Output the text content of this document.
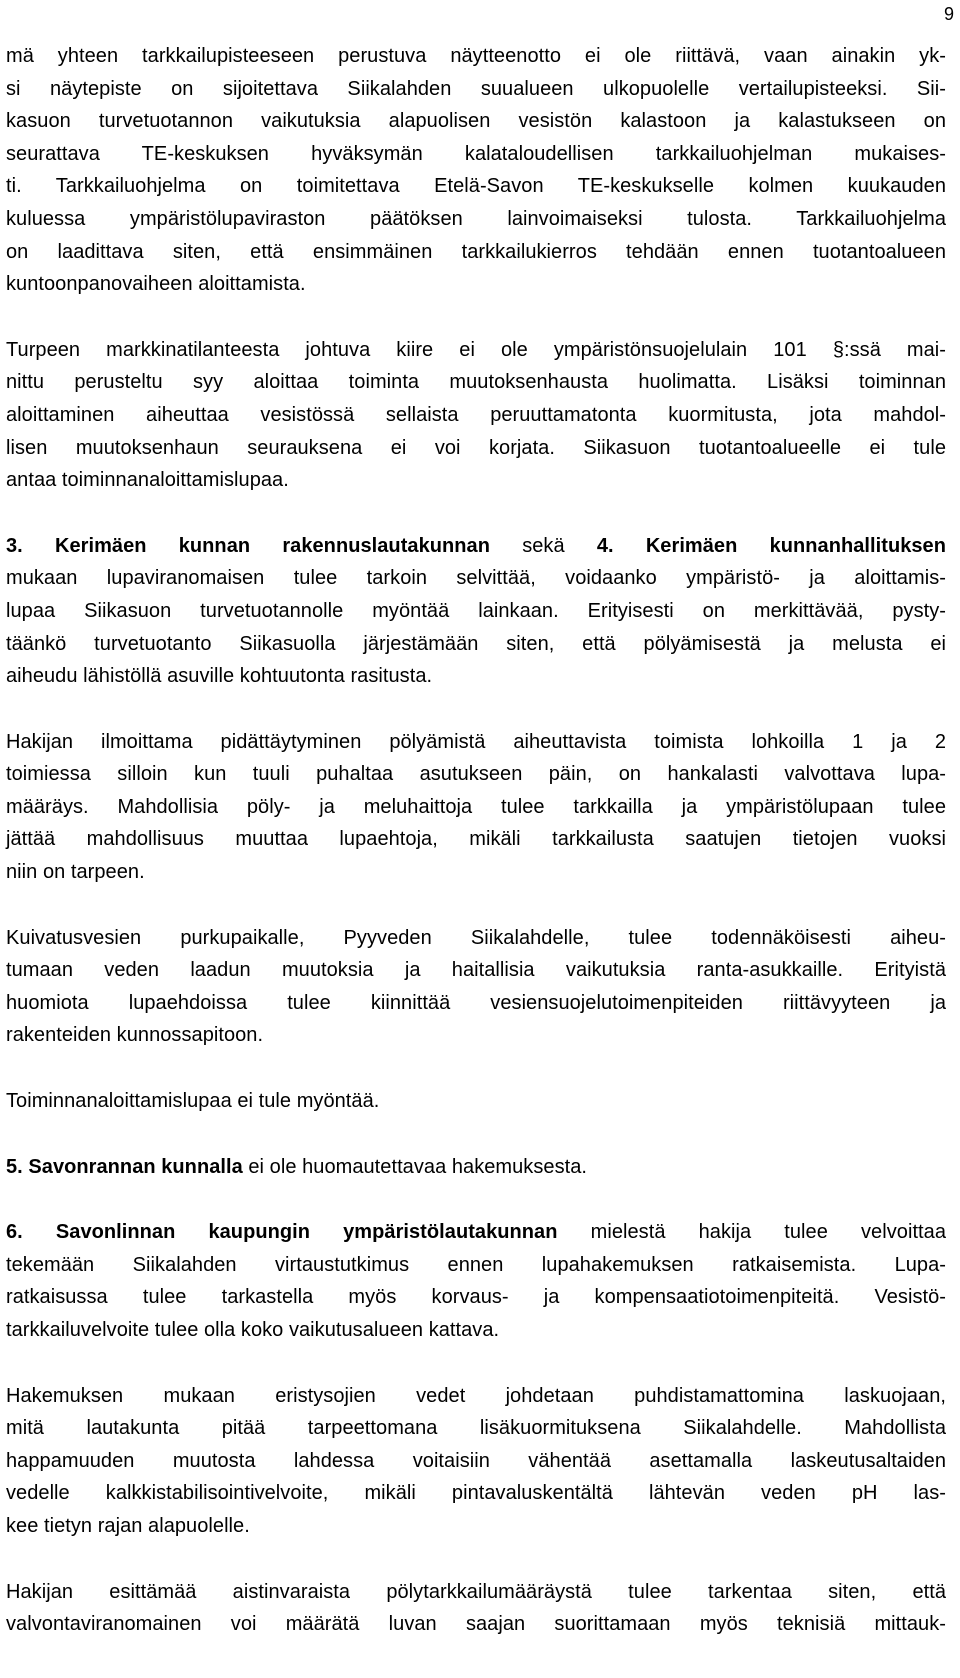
9

mä yhteen tarkkailupisteeseen perustuva näytteenotto ei ole riittävä, vaan ainakin yk-
si näytepiste on sijoitettava Siikalahden suualueen ulkopuolelle vertailupisteeksi. Sii-
kasuon turvetuotannon vaikutuksia alapuolisen vesistön kalastoon ja kalastukseen on
seurattava TE-keskuksen hyväksymän kalataloudellisen tarkkailuohjelman mukaises-
ti. Tarkkailuohjelma on toimitettava Etelä-Savon TE-keskukselle kolmen kuukauden
kuluessa ympäristölupaviraston päätöksen lainvoimaiseksi tulosta. Tarkkailuohjelma
on laadittava siten, että ensimmäinen tarkkailukierros tehdään ennen tuotantoalueen
kuntoonpanovaiheen aloittamista.

Turpeen markkinatilanteesta johtuva kiire ei ole ympäristönsuojelulain 101 §:ssä mai-
nittu perusteltu syy aloittaa toiminta muutoksenhausta huolimatta. Lisäksi toiminnan
aloittaminen aiheuttaa vesistössä sellaista peruuttamatonta kuormitusta, jota mahdol-
lisen muutoksenhaun seurauksena ei voi korjata. Siikasuon tuotantoalueelle ei tule
antaa toiminnanaloittamislupaa.

3. Kerimäen kunnan rakennuslautakunnan sekä 4. Kerimäen kunnanhallituksen
mukaan lupaviranomaisen tulee tarkoin selvittää, voidaanko ympäristö- ja aloittamis-
lupaa Siikasuon turvetuotannolle myöntää lainkaan. Erityisesti on merkittävää, pysty-
täänkö turvetuotanto Siikasuolla järjestämään siten, että pölyämisestä ja melusta ei
aiheudu lähistöllä asuville kohtuutonta rasitusta.

Hakijan ilmoittama pidättäytyminen pölyämistä aiheuttavista toimista lohkoilla 1 ja 2
toimiessa silloin kun tuuli puhaltaa asutukseen päin, on hankalasti valvottava lupa-
määräys. Mahdollisia pöly- ja meluhaittoja tulee tarkkailla ja ympäristölupaan tulee
jättää mahdollisuus muuttaa lupaehtoja, mikäli tarkkailusta saatujen tietojen vuoksi
niin on tarpeen.

Kuivatusvesien purkupaikalle, Pyyveden Siikalahdelle, tulee todennäköisesti aiheu-
tumaan veden laadun muutoksia ja haitallisia vaikutuksia ranta-asukkaille. Erityistä
huomiota lupaehdoissa tulee kiinnittää vesiensuojelutoimenpiteiden riittävyyteen ja
rakenteiden kunnossapitoon.

Toiminnanaloittamislupaa ei tule myöntää.

5. Savonrannan kunnalla ei ole huomautettavaa hakemuksesta.

6. Savonlinnan kaupungin ympäristölautakunnan mielestä hakija tulee velvoittaa
tekemään Siikalahden virtaustutkimus ennen lupahakemuksen ratkaisemista. Lupa-
ratkaisussa tulee tarkastella myös korvaus- ja kompensaatiotoimenpiteitä. Vesistö-
tarkkailuvelvoite tulee olla koko vaikutusalueen kattava.

Hakemuksen mukaan eristysojien vedet johdetaan puhdistamattomina laskuojaan,
mitä lautakunta pitää tarpeettomana lisäkuormituksena Siikalahdelle. Mahdollista
happamuuden muutosta lahdessa voitaisiin vähentää asettamalla laskeutusaltaiden
vedelle kalkkistabilisointivelvoite, mikäli pintavaluskentältä lähtevän veden pH las-
kee tietyn rajan alapuolelle.

Hakijan esittämää aistinvaraista pölytarkkailumääräystä tulee tarkentaa siten, että
valvontaviranomainen voi määrätä luvan saajan suorittamaan myös teknisiä mittauk-
